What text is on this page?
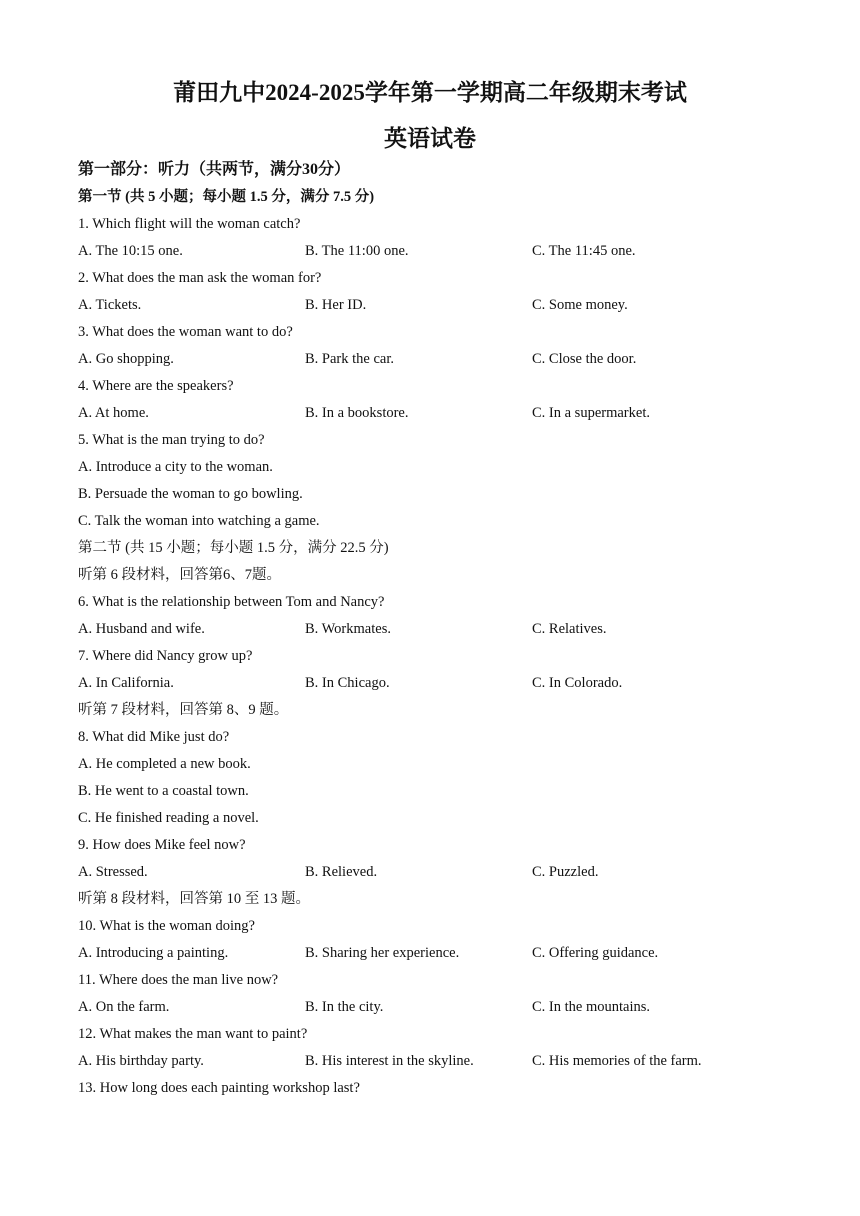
莆田九中2024-2025学年第一学期高二年级期末考试
英语试卷
第一部分：听力（共两节，满分30分）
第一节 (共 5 小题；每小题 1.5 分，满分 7.5 分)
1. Which flight will the woman catch?
A. The 10:15 one.	B. The 11:00 one.	C. The 11:45 one.
2. What does the man ask the woman for?
A. Tickets.	B. Her ID.	C. Some money.
3. What does the woman want to do?
A. Go shopping.	B. Park the car.	C. Close the door.
4. Where are the speakers?
A. At home.	B. In a bookstore.	C. In a supermarket.
5. What is the man trying to do?
A. Introduce a city to the woman.
B. Persuade the woman to go bowling.
C. Talk the woman into watching a game.
第二节 (共 15 小题；每小题 1.5 分，满分 22.5 分)
听第 6 段材料，回答第6、7题。
6. What is the relationship between Tom and Nancy?
A. Husband and wife.	B. Workmates.	C. Relatives.
7. Where did Nancy grow up?
A. In California.	B. In Chicago.	C. In Colorado.
听第 7 段材料，回答第 8、9 题。
8. What did Mike just do?
A. He completed a new book.
B. He went to a coastal town.
C. He finished reading a novel.
9. How does Mike feel now?
A. Stressed.	B. Relieved.	C. Puzzled.
听第 8 段材料，回答第 10 至 13 题。
10. What is the woman doing?
A. Introducing a painting.	B. Sharing her experience.	C. Offering guidance.
11. Where does the man live now?
A. On the farm.	B. In the city.	C. In the mountains.
12. What makes the man want to paint?
A. His birthday party.	B. His interest in the skyline.	C. His memories of the farm.
13. How long does each painting workshop last?
